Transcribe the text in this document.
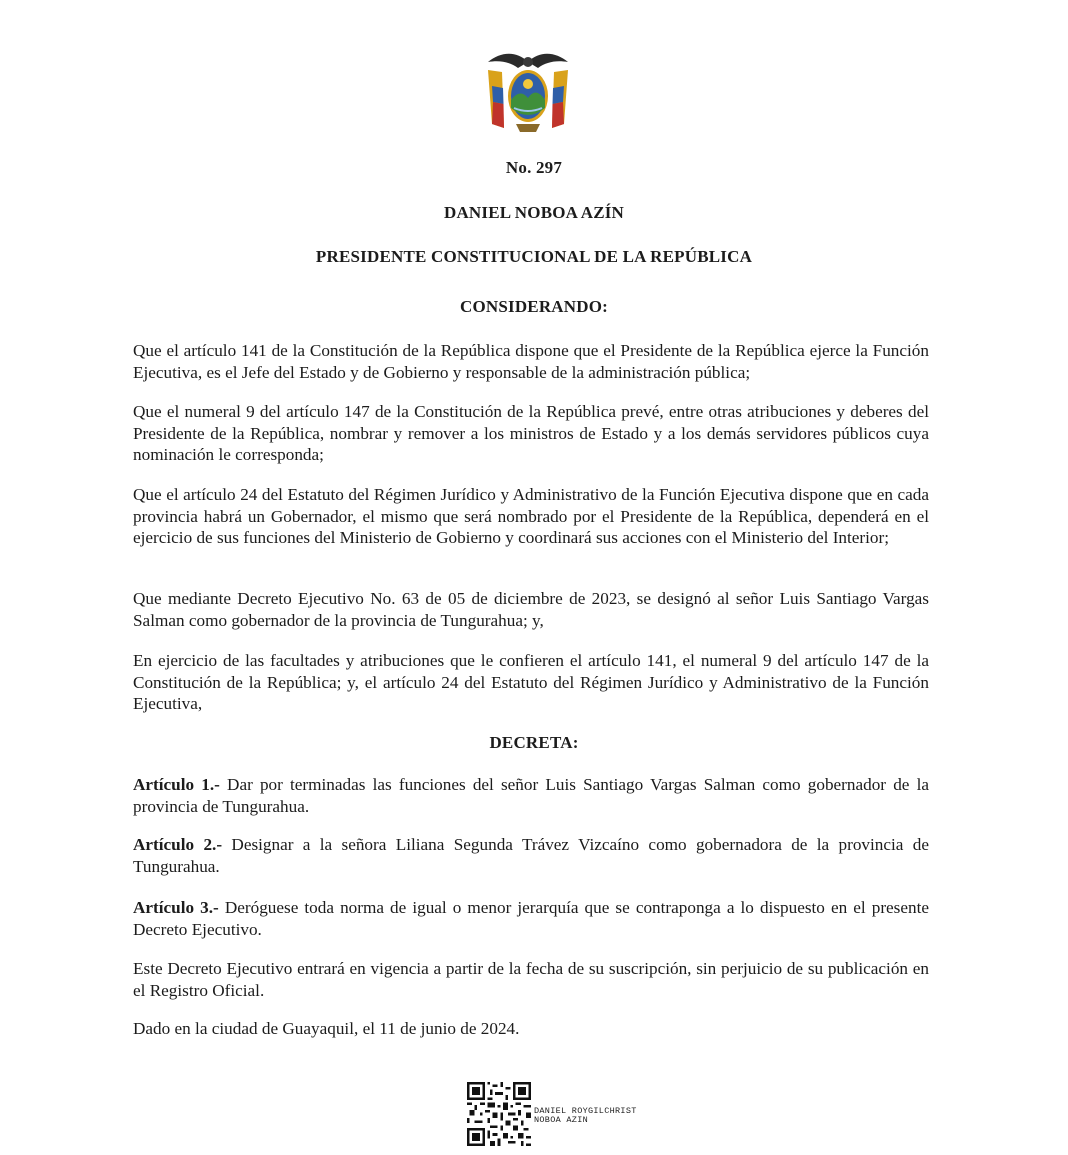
No. 297

DANIEL NOBOA AZÍN

PRESIDENTE CONSTITUCIONAL DE LA REPÚBLICA

CONSIDERANDO:

Que el artículo 141 de la Constitución de la República dispone que el Presidente de la República ejerce la Función Ejecutiva, es el Jefe del Estado y de Gobierno y responsable de la administración pública;

Que el numeral 9 del artículo 147 de la Constitución de la República prevé, entre otras atribuciones y deberes del Presidente de la República, nombrar y remover a los ministros de Estado y a los demás servidores públicos cuya nominación le corresponda;

Que el artículo 24 del Estatuto del Régimen Jurídico y Administrativo de la Función Ejecutiva dispone que en cada provincia habrá un Gobernador, el mismo que será nombrado por el Presidente de la República, dependerá en el ejercicio de sus funciones del Ministerio de Gobierno y coordinará sus acciones con el Ministerio del Interior;

Que mediante Decreto Ejecutivo No. 63 de 05 de diciembre de 2023, se designó al señor Luis Santiago Vargas Salman como gobernador de la provincia de Tungurahua; y,

En ejercicio de las facultades y atribuciones que le confieren el artículo 141, el numeral 9 del artículo 147 de la Constitución de la República; y, el artículo 24 del Estatuto del Régimen Jurídico y Administrativo de la Función Ejecutiva,

DECRETA:

Artículo 1.- Dar por terminadas las funciones del señor Luis Santiago Vargas Salman como gobernador de la provincia de Tungurahua.

Artículo 2.- Designar a la señora Liliana Segunda Trávez Vizcaíno como gobernadora de la provincia de Tungurahua.

Artículo 3.- Deróguese toda norma de igual o menor jerarquía que se contraponga a lo dispuesto en el presente Decreto Ejecutivo.

Este Decreto Ejecutivo entrará en vigencia a partir de la fecha de su suscripción, sin perjuicio de su publicación en el Registro Oficial.

Dado en la ciudad de Guayaquil, el 11 de junio de 2024.

DANIEL ROYGILCHRIST
NOBOA AZIN
